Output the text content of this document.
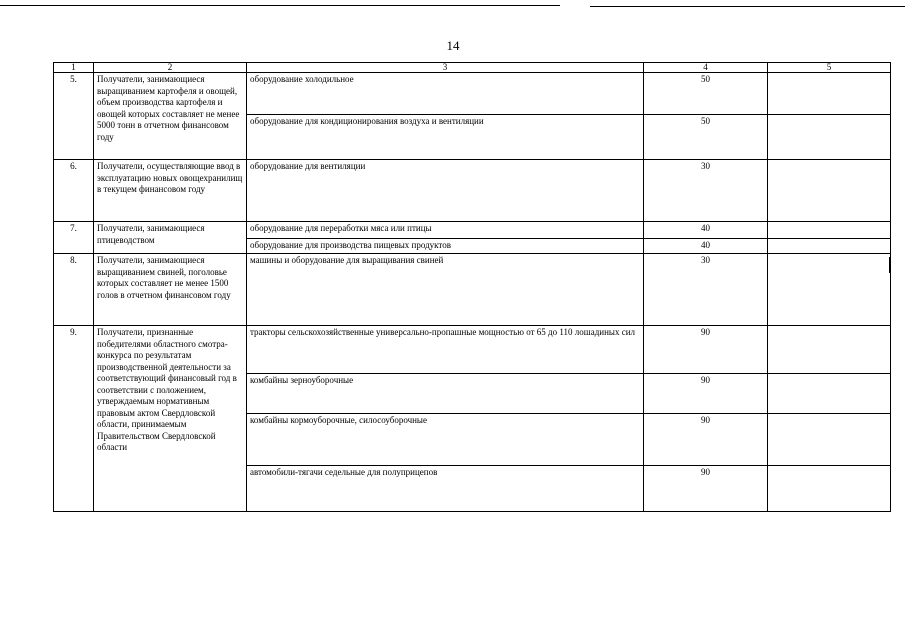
14
1	2	3	4	5
5.	Получатели, занимающиеся выращиванием картофеля и овощей, объем производства картофеля и овощей которых составляет не менее 5000 тонн в отчетном финансовом году	оборудование холодильное	50	
		оборудование для кондиционирования воздуха и вентиляции	50	
6.	Получатели, осуществляющие ввод в эксплуатацию новых овощехранилищ в текущем финансовом году	оборудование для вентиляции	30	
7.	Получатели, занимающиеся птицеводством	оборудование для переработки мяса или птицы	40	
		оборудование для производства пищевых продуктов	40	
8.	Получатели, занимающиеся выращиванием свиней, поголовье которых составляет не менее 1500 голов в отчетном финансовом году	машины и оборудование для выращивания свиней	30	
9.	Получатели, признанные победителями областного смотра-конкурса по результатам производственной деятельности за соответствующий финансовый год в соответствии с положением, утверждаемым нормативным правовым актом Свердловской области, принимаемым Правительством Свердловской области	тракторы сельскохозяйственные универсально-пропашные мощностью от 65 до 110 лошадиных сил	90	
		комбайны зерноуборочные	90	
		комбайны кормоуборочные, силосоуборочные	90	
		автомобили-тягачи седельные для полуприцепов	90	
